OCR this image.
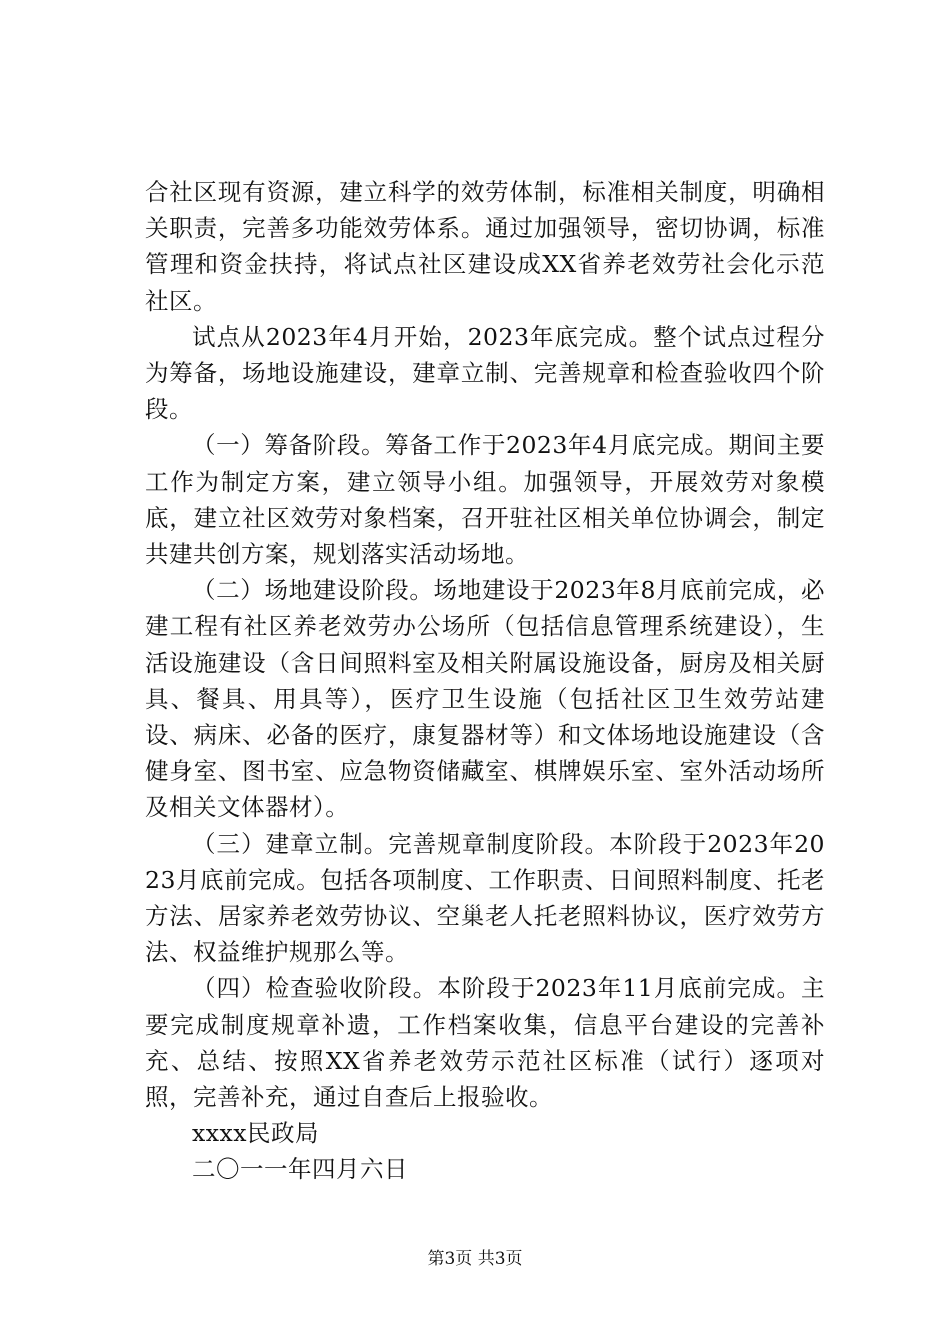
合社区现有资源，建立科学的效劳体制，标准相关制度，明确相关职责，完善多功能效劳体系。通过加强领导，密切协调，标准管理和资金扶持，将试点社区建设成XX省养老效劳社会化示范社区。

试点从2023年4月开始，2023年底完成。整个试点过程分为筹备，场地设施建设，建章立制、完善规章和检查验收四个阶段。

（一）筹备阶段。筹备工作于2023年4月底完成。期间主要工作为制定方案，建立领导小组。加强领导，开展效劳对象模底，建立社区效劳对象档案，召开驻社区相关单位协调会，制定共建共创方案，规划落实活动场地。

（二）场地建设阶段。场地建设于2023年8月底前完成，必建工程有社区养老效劳办公场所（包括信息管理系统建设），生活设施建设（含日间照料室及相关附属设施设备，厨房及相关厨具、餐具、用具等），医疗卫生设施（包括社区卫生效劳站建设、病床、必备的医疗，康复器材等）和文体场地设施建设（含健身室、图书室、应急物资储藏室、棋牌娱乐室、室外活动场所及相关文体器材）。

（三）建章立制。完善规章制度阶段。本阶段于2023年2023月底前完成。包括各项制度、工作职责、日间照料制度、托老方法、居家养老效劳协议、空巢老人托老照料协议，医疗效劳方法、权益维护规那么等。

（四）检查验收阶段。本阶段于2023年11月底前完成。主要完成制度规章补遗，工作档案收集，信息平台建设的完善补充、总结、按照XX省养老效劳示范社区标准（试行）逐项对照，完善补充，通过自查后上报验收。

xxxx民政局

二〇一一年四月六日

第3页 共3页
